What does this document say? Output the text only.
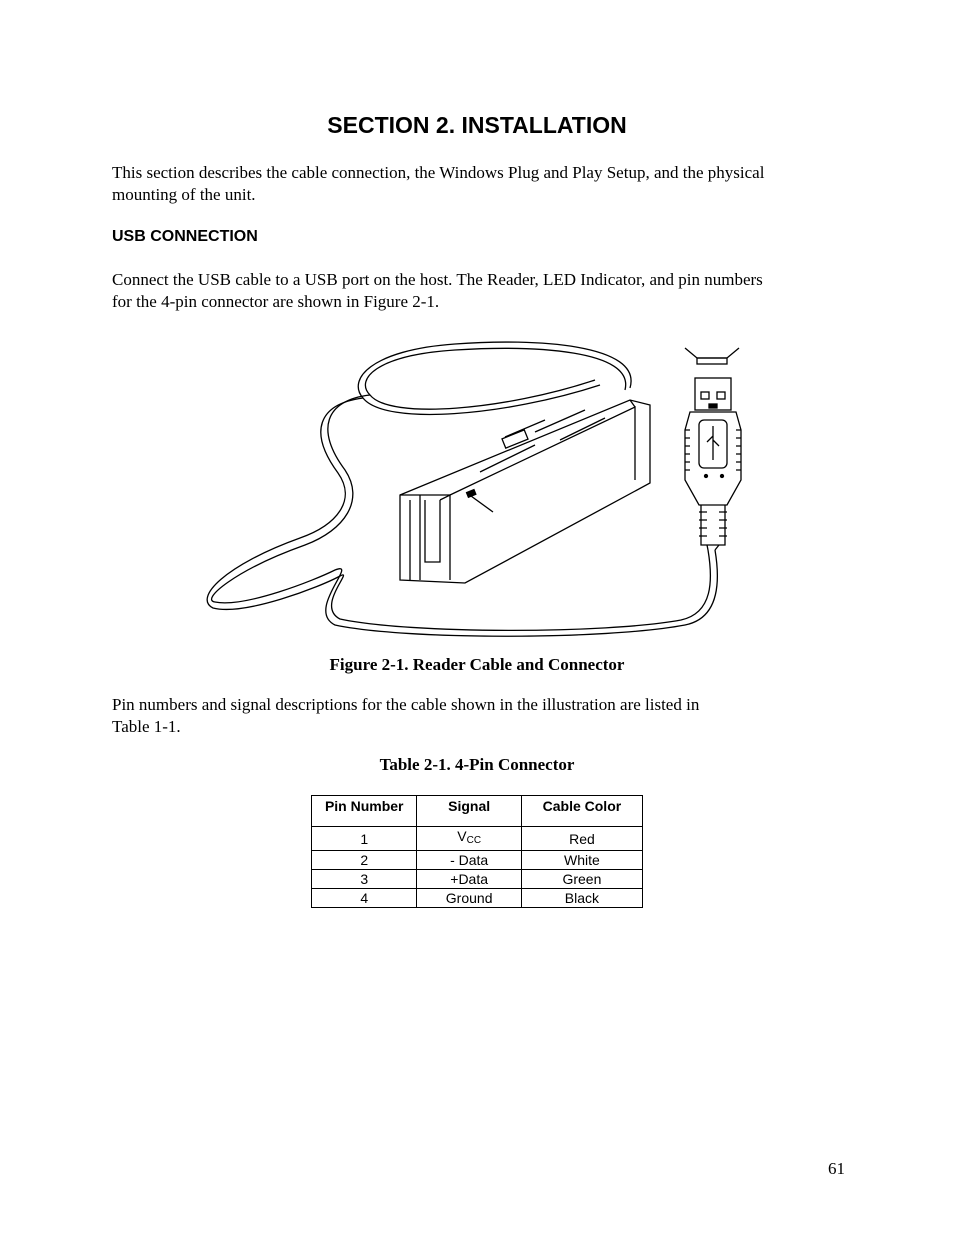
SECTION 2. INSTALLATION
This section describes the cable connection, the Windows Plug and Play Setup, and the physical
mounting of the unit.
USB CONNECTION
Connect the USB cable to a USB port on the host. The Reader, LED Indicator, and pin numbers
for the 4-pin connector are shown in Figure 2-1.
Figure 2-1. Reader Cable and Connector
Pin numbers and signal descriptions for the cable shown in the illustration are listed in
Table 1-1.
Table 2-1. 4-Pin Connector
Pin Number	Signal	Cable Color
1	$V_{CC}$	Red
2	- Data	White
3	+Data	Green
4	Ground	Black
61
